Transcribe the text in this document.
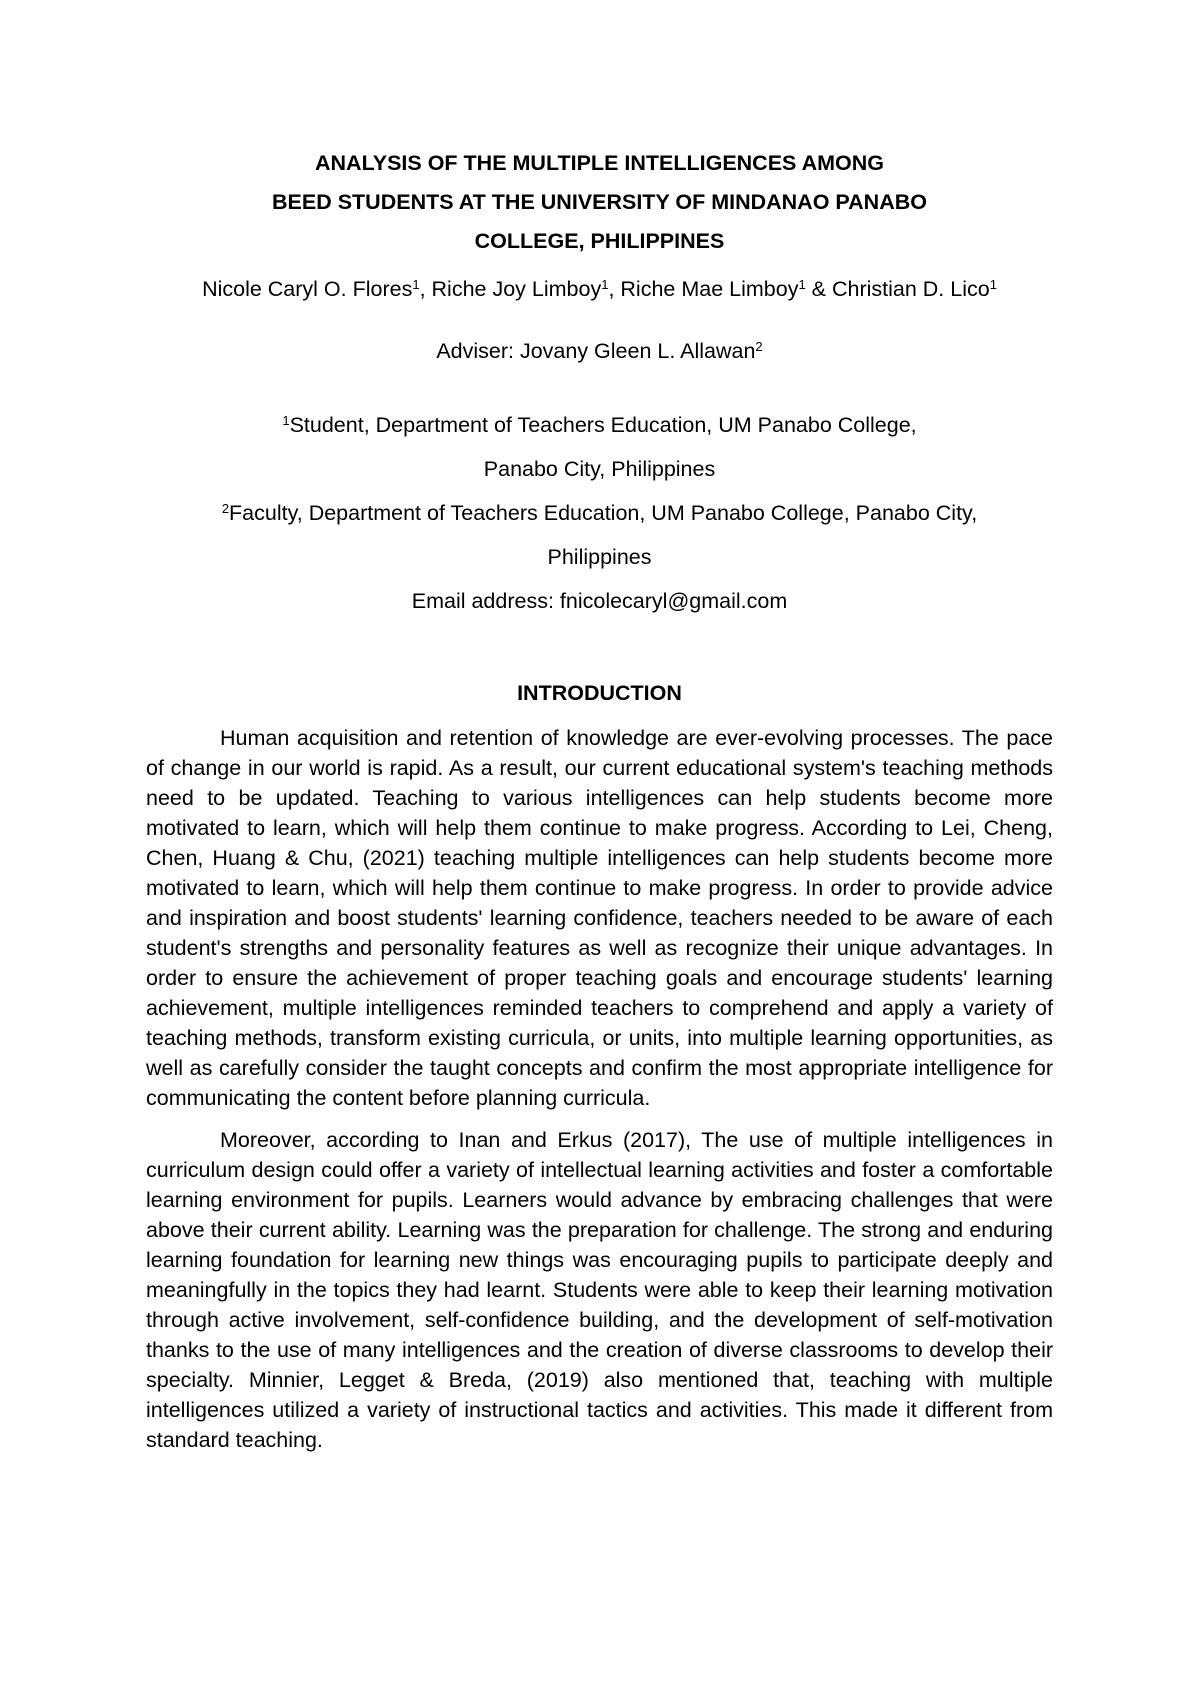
ANALYSIS OF THE MULTIPLE INTELLIGENCES AMONG

BEED STUDENTS AT THE UNIVERSITY OF MINDANAO PANABO

COLLEGE, PHILIPPINES

Nicole Caryl O. Flores$^1$, Riche Joy Limboy$^1$, Riche Mae Limboy$^1$ & Christian D. Lico$^1$

Adviser: Jovany Gleen L. Allawan$^2$

$^1$Student, Department of Teachers Education, UM Panabo College,

Panabo City, Philippines

$^2$Faculty, Department of Teachers Education, UM Panabo College, Panabo City,

Philippines

Email address: fnicolecaryl@gmail.com

INTRODUCTION

Human acquisition and retention of knowledge are ever-evolving processes. The pace of change in our world is rapid. As a result, our current educational system's teaching methods need to be updated. Teaching to various intelligences can help students become more motivated to learn, which will help them continue to make progress. According to Lei, Cheng, Chen, Huang & Chu, (2021) teaching multiple intelligences can help students become more motivated to learn, which will help them continue to make progress. In order to provide advice and inspiration and boost students' learning confidence, teachers needed to be aware of each student's strengths and personality features as well as recognize their unique advantages. In order to ensure the achievement of proper teaching goals and encourage students' learning achievement, multiple intelligences reminded teachers to comprehend and apply a variety of teaching methods, transform existing curricula, or units, into multiple learning opportunities, as well as carefully consider the taught concepts and confirm the most appropriate intelligence for communicating the content before planning curricula.

Moreover, according to Inan and Erkus (2017), The use of multiple intelligences in curriculum design could offer a variety of intellectual learning activities and foster a comfortable learning environment for pupils. Learners would advance by embracing challenges that were above their current ability. Learning was the preparation for challenge. The strong and enduring learning foundation for learning new things was encouraging pupils to participate deeply and meaningfully in the topics they had learnt. Students were able to keep their learning motivation through active involvement, self-confidence building, and the development of self-motivation thanks to the use of many intelligences and the creation of diverse classrooms to develop their specialty. Minnier, Legget & Breda, (2019) also mentioned that, teaching with multiple intelligences utilized a variety of instructional tactics and activities. This made it different from standard teaching.
